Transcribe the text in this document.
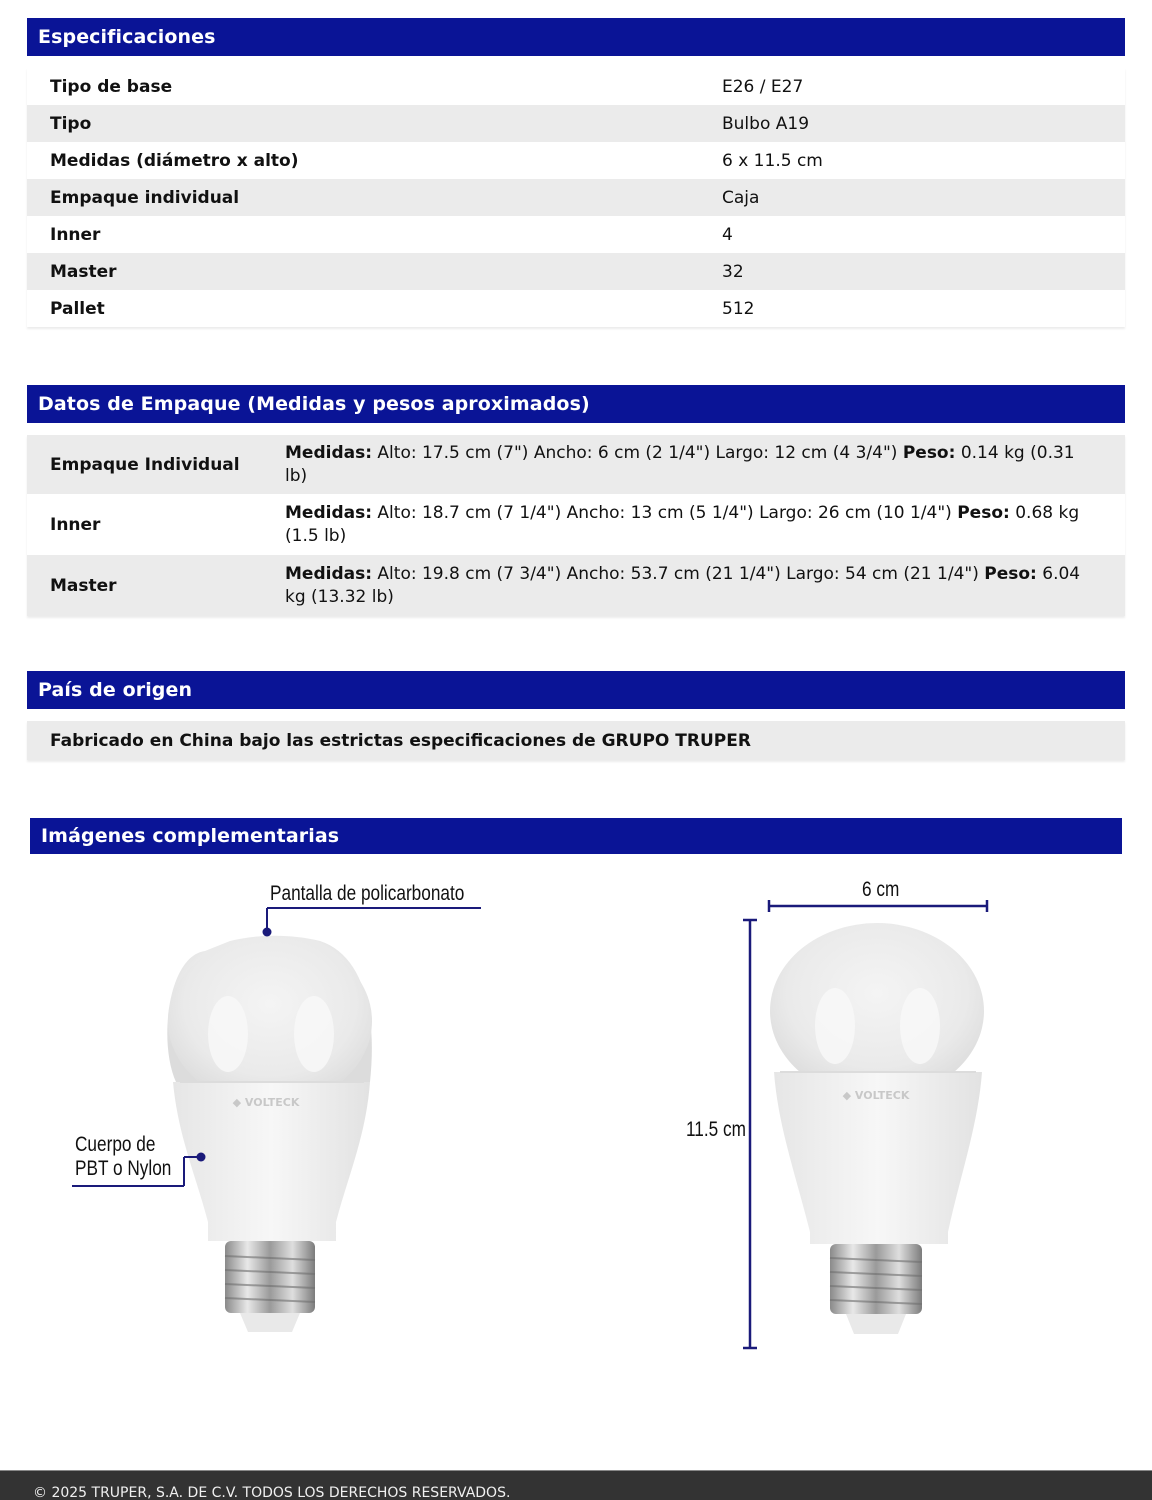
Especificaciones
Tipo de base	E26 / E27
Tipo	Bulbo A19
Medidas (diámetro x alto)	6 x 11.5 cm
Empaque individual	Caja
Inner	4
Master	32
Pallet	512
Datos de Empaque (Medidas y pesos aproximados)
Empaque Individual	Medidas: Alto: 17.5 cm (7") Ancho: 6 cm (2 1/4") Largo: 12 cm (4 3/4") Peso: 0.14 kg (0.31 lb)
Inner	Medidas: Alto: 18.7 cm (7 1/4") Ancho: 13 cm (5 1/4") Largo: 26 cm (10 1/4") Peso: 0.68 kg (1.5 lb)
Master	Medidas: Alto: 19.8 cm (7 3/4") Ancho: 53.7 cm (21 1/4") Largo: 54 cm (21 1/4") Peso: 6.04 kg (13.32 lb)
País de origen
Fabricado en China bajo las estrictas especificaciones de GRUPO TRUPER
Imágenes complementarias
◆ VOLTECK
Pantalla de policarbonato
Cuerpo de
PBT o Nylon
◆ VOLTECK
6 cm
11.5 cm
© 2025 TRUPER, S.A. DE C.V. TODOS LOS DERECHOS RESERVADOS.
